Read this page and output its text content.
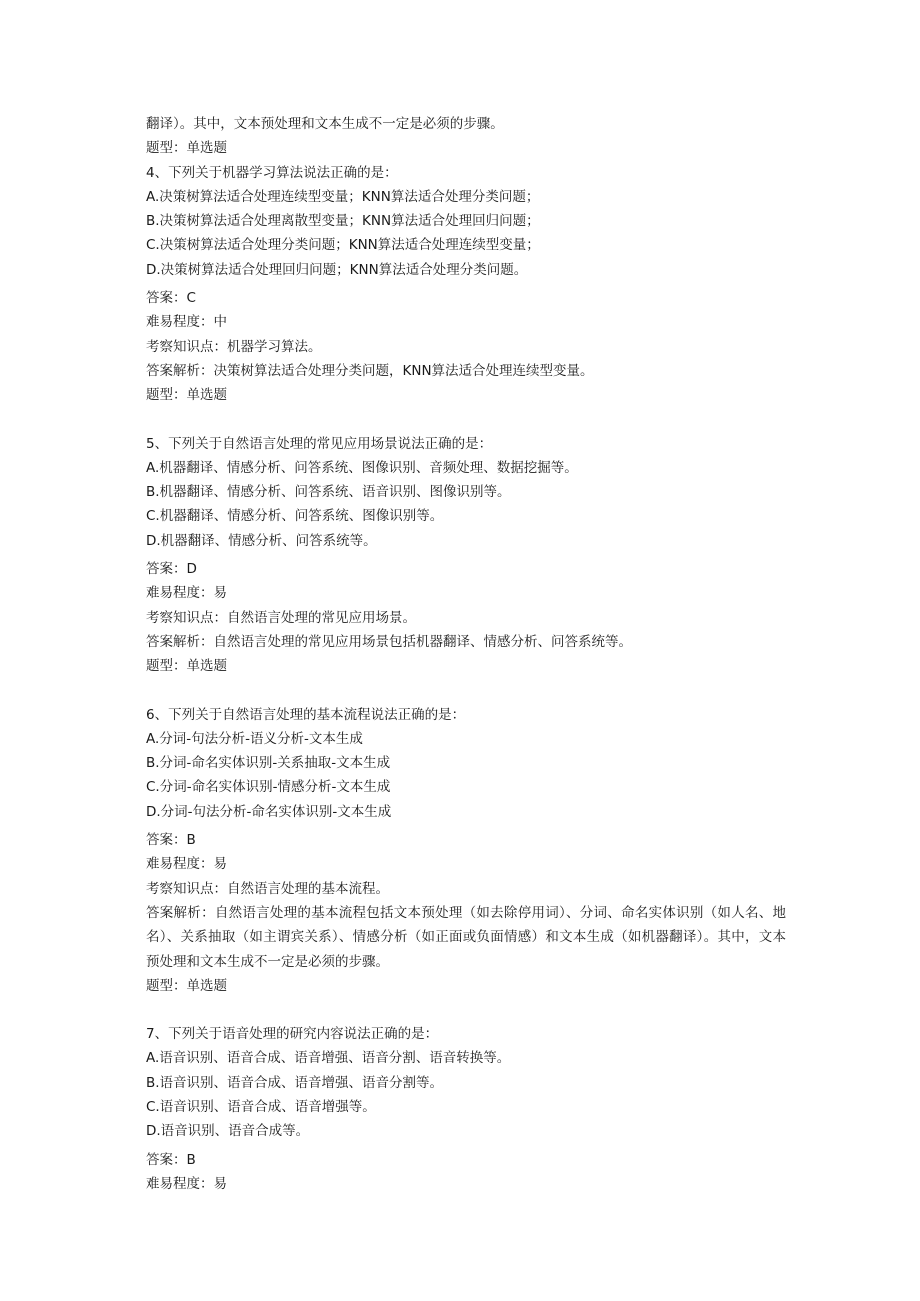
翻译）。其中，文本预处理和文本生成不一定是必须的步骤。
题型：单选题
4、下列关于机器学习算法说法正确的是：
A.决策树算法适合处理连续型变量；KNN算法适合处理分类问题；
B.决策树算法适合处理离散型变量；KNN算法适合处理回归问题；
C.决策树算法适合处理分类问题；KNN算法适合处理连续型变量；
D.决策树算法适合处理回归问题；KNN算法适合处理分类问题。
答案：C
难易程度：中
考察知识点：机器学习算法。
答案解析：决策树算法适合处理分类问题，KNN算法适合处理连续型变量。
题型：单选题
5、下列关于自然语言处理的常见应用场景说法正确的是：
A.机器翻译、情感分析、问答系统、图像识别、音频处理、数据挖掘等。
B.机器翻译、情感分析、问答系统、语音识别、图像识别等。
C.机器翻译、情感分析、问答系统、图像识别等。
D.机器翻译、情感分析、问答系统等。
答案：D
难易程度：易
考察知识点：自然语言处理的常见应用场景。
答案解析：自然语言处理的常见应用场景包括机器翻译、情感分析、问答系统等。
题型：单选题
6、下列关于自然语言处理的基本流程说法正确的是：
A.分词-句法分析-语义分析-文本生成
B.分词-命名实体识别-关系抽取-文本生成
C.分词-命名实体识别-情感分析-文本生成
D.分词-句法分析-命名实体识别-文本生成
答案：B
难易程度：易
考察知识点：自然语言处理的基本流程。
答案解析：自然语言处理的基本流程包括文本预处理（如去除停用词）、分词、命名实体识别（如人名、地名）、关系抽取（如主谓宾关系）、情感分析（如正面或负面情感）和文本生成（如机器翻译）。其中，文本预处理和文本生成不一定是必须的步骤。
题型：单选题
7、下列关于语音处理的研究内容说法正确的是：
A.语音识别、语音合成、语音增强、语音分割、语音转换等。
B.语音识别、语音合成、语音增强、语音分割等。
C.语音识别、语音合成、语音增强等。
D.语音识别、语音合成等。
答案：B
难易程度：易
